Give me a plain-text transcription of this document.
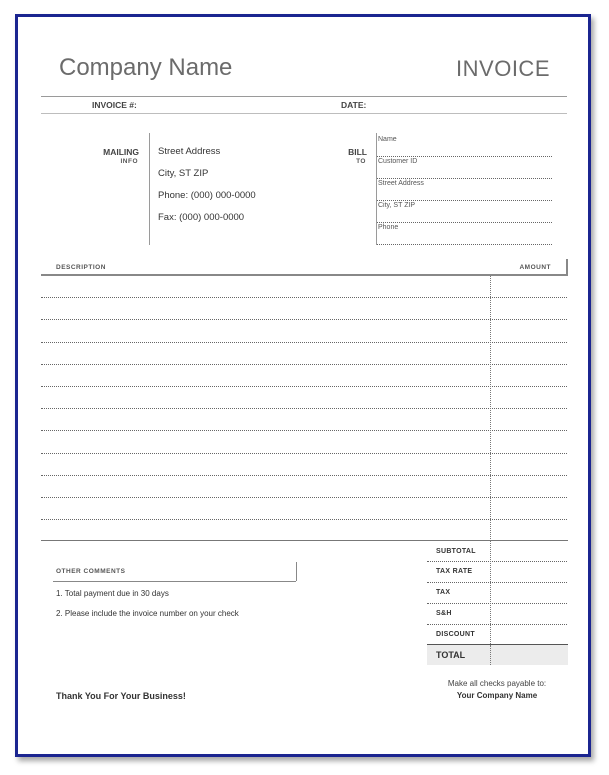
Company Name	INVOICE
INVOICE #:	DATE:
MAILING
INFO
Street Address
City, ST ZIP
Phone: (000) 000-0000
Fax: (000) 000-0000
BILL
TO
Name
Customer ID
Street Address
City, ST ZIP
Phone
DESCRIPTION	AMOUNT
SUBTOTAL
TAX RATE
TAX
S&H
DISCOUNT
TOTAL
OTHER COMMENTS
1. Total payment due in 30 days
2. Please include the invoice number on your check
Thank You For Your Business!
Make all checks payable to:
Your Company Name
